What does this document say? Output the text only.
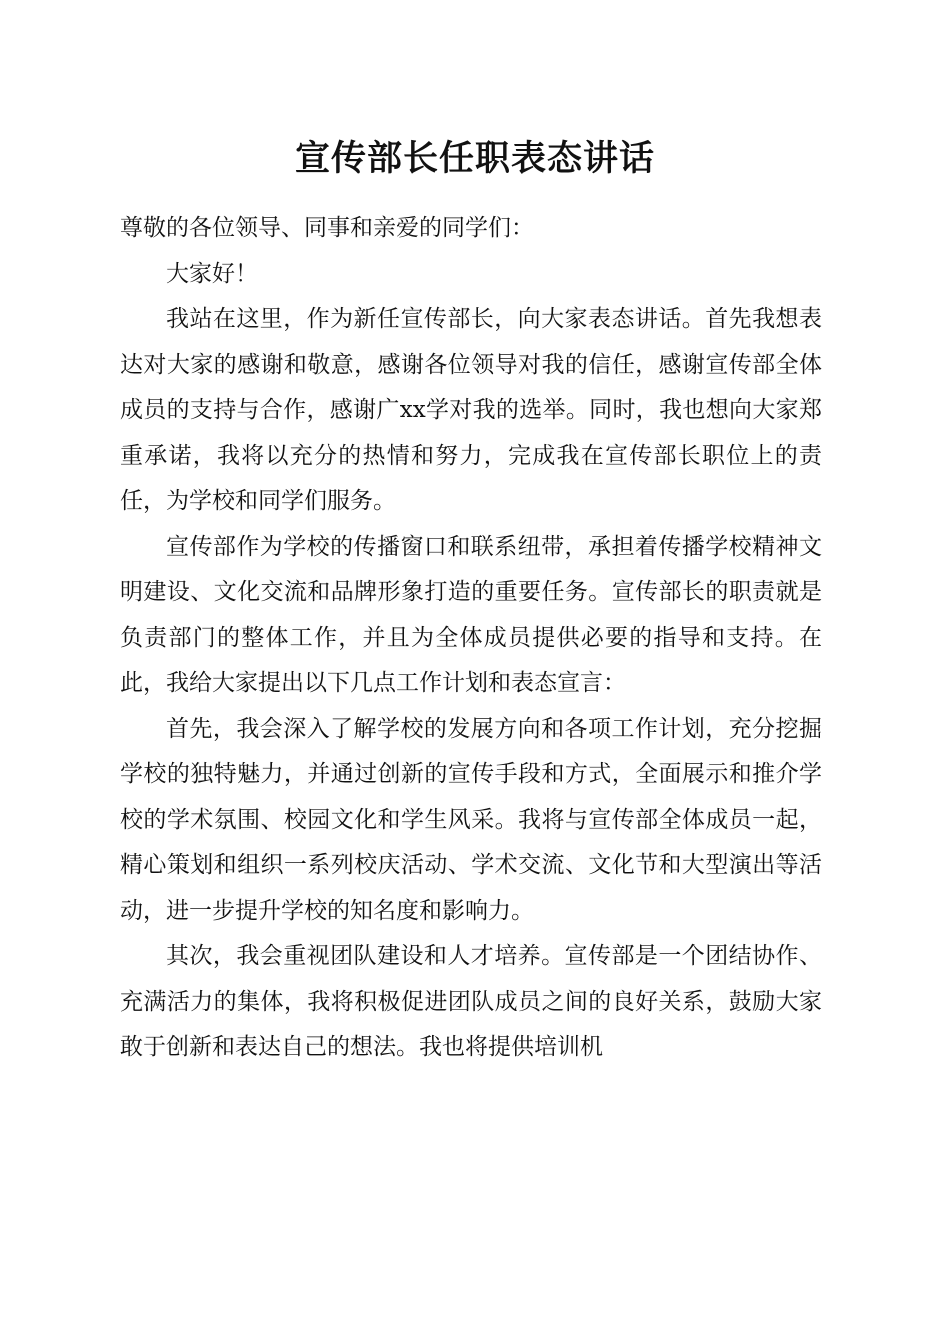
宣传部长任职表态讲话

尊敬的各位领导、同事和亲爱的同学们：

大家好！

我站在这里，作为新任宣传部长，向大家表态讲话。首先我想表达对大家的感谢和敬意，感谢各位领导对我的信任，感谢宣传部全体成员的支持与合作，感谢广xx学对我的选举。同时，我也想向大家郑重承诺，我将以充分的热情和努力，完成我在宣传部长职位上的责任，为学校和同学们服务。

宣传部作为学校的传播窗口和联系纽带，承担着传播学校精神文明建设、文化交流和品牌形象打造的重要任务。宣传部长的职责就是负责部门的整体工作，并且为全体成员提供必要的指导和支持。在此，我给大家提出以下几点工作计划和表态宣言：

首先，我会深入了解学校的发展方向和各项工作计划，充分挖掘学校的独特魅力，并通过创新的宣传手段和方式，全面展示和推介学校的学术氛围、校园文化和学生风采。我将与宣传部全体成员一起，精心策划和组织一系列校庆活动、学术交流、文化节和大型演出等活动，进一步提升学校的知名度和影响力。

其次，我会重视团队建设和人才培养。宣传部是一个团结协作、充满活力的集体，我将积极促进团队成员之间的良好关系，鼓励大家敢于创新和表达自己的想法。我也将提供培训机
